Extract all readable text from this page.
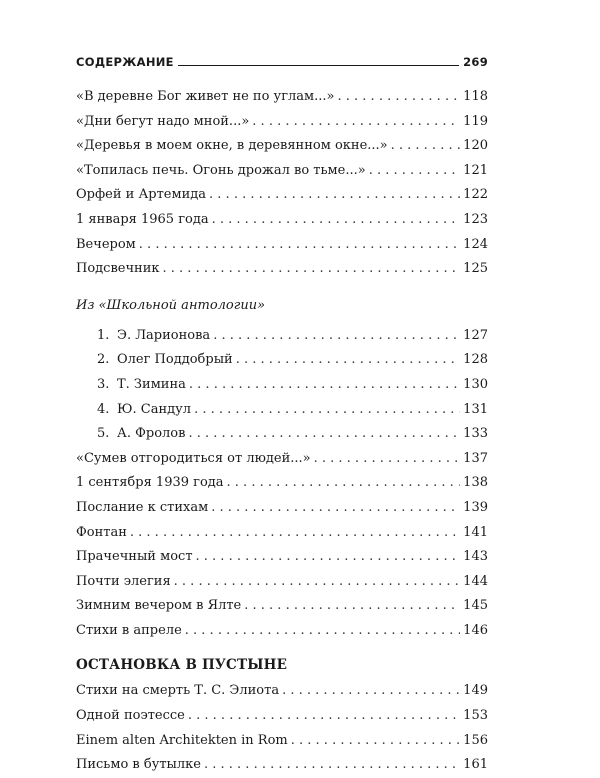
СОДЕРЖАНИЕ	269
«В деревне Бог живет не по углам...» . . .	118
«Дни бегут надо мной...» . . .	119
«Деревья в моем окне, в деревянном окне...» . . .	120
«Топилась печь. Огонь дрожал во тьме...» . . .	121
Орфей и Артемида . . .	122
1 января 1965 года . . .	123
Вечером . . .	124
Подсвечник . . .	125
Из «Школьной антологии»
1. Э. Ларионова . . .	127
2. Олег Поддобрый . . .	128
3. Т. Зимина . . .	130
4. Ю. Сандул . . .	131
5. А. Фролов . . .	133
«Сумев отгородиться от людей...» . . .	137
1 сентября 1939 года . . .	138
Послание к стихам . . .	139
Фонтан . . .	141
Прачечный мост . . .	143
Почти элегия . . .	144
Зимним вечером в Ялте . . .	145
Стихи в апреле . . .	146
ОСТАНОВКА В ПУСТЫНЕ
Стихи на смерть Т. С. Элиота . . .	149
Одной поэтессе . . .	153
Einem alten Architekten in Rom . . .	156
Письмо в бутылке . . .	161
